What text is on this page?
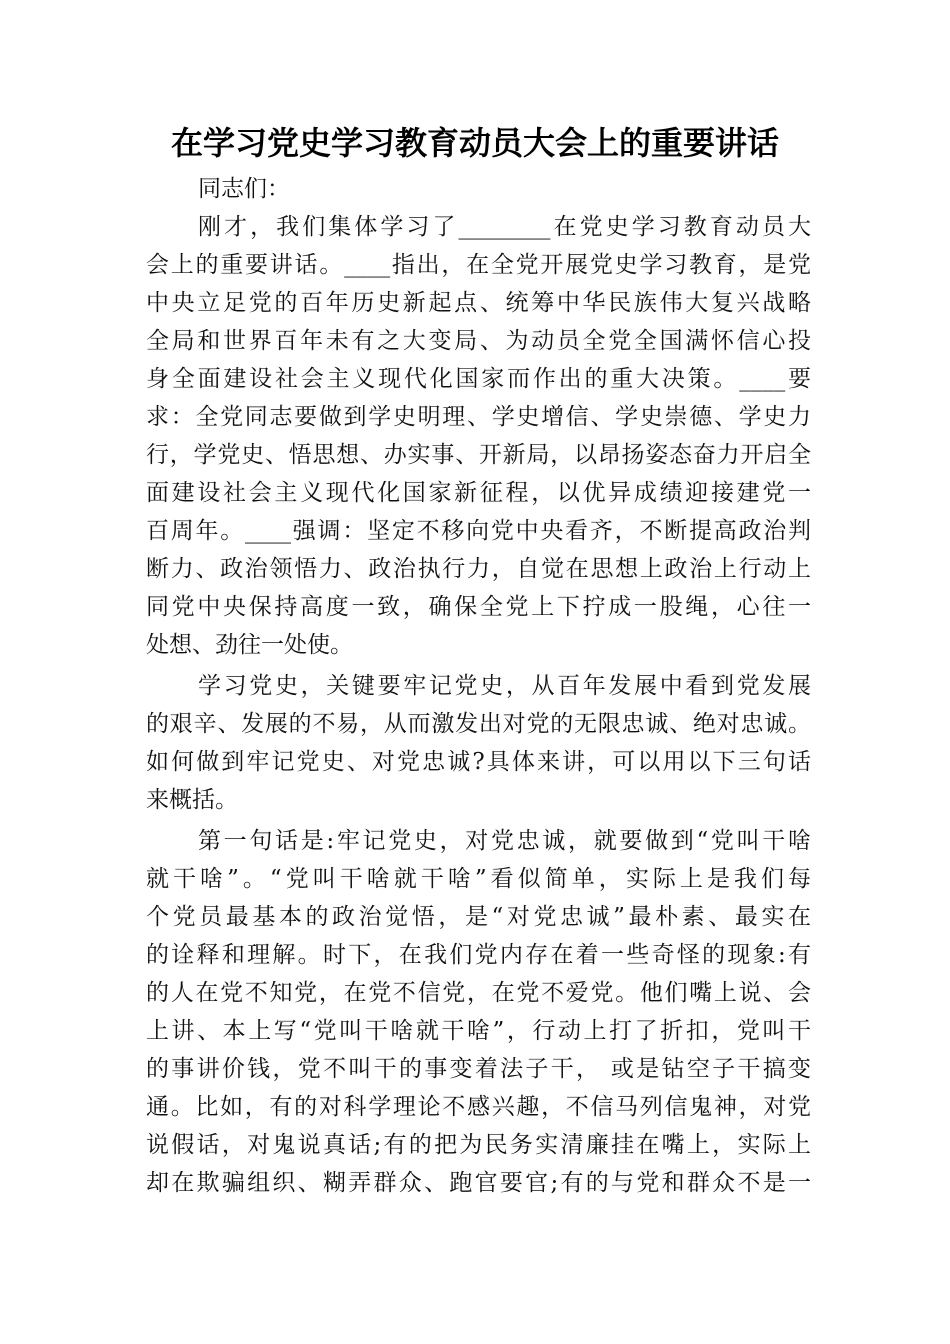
在学习党史学习教育动员大会上的重要讲话
同志们：
刚才，我们集体学习了________在党史学习教育动员大
会上的重要讲话。____指出，在全党开展党史学习教育，是党
中央立足党的百年历史新起点、统筹中华民族伟大复兴战略
全局和世界百年未有之大变局、为动员全党全国满怀信心投
身全面建设社会主义现代化国家而作出的重大决策。____要
求：全党同志要做到学史明理、学史增信、学史崇德、学史力
行，学党史、悟思想、办实事、开新局，以昂扬姿态奋力开启全
面建设社会主义现代化国家新征程，以优异成绩迎接建党一
百周年。____强调：坚定不移向党中央看齐，不断提高政治判
断力、政治领悟力、政治执行力，自觉在思想上政治上行动上
同党中央保持高度一致，确保全党上下拧成一股绳，心往一
处想、劲往一处使。
学习党史，关键要牢记党史，从百年发展中看到党发展
的艰辛、发展的不易，从而激发出对党的无限忠诚、绝对忠诚。
如何做到牢记党史、对党忠诚?具体来讲，可以用以下三句话
来概括。
第一句话是:牢记党史，对党忠诚，就要做到“党叫干啥
就干啥”。“党叫干啥就干啥”看似简单，实际上是我们每
个党员最基本的政治觉悟，是“对党忠诚”最朴素、最实在
的诠释和理解。时下，在我们党内存在着一些奇怪的现象:有
的人在党不知党，在党不信党，在党不爱党。他们嘴上说、会
上讲、本上写“党叫干啥就干啥”，行动上打了折扣，党叫干
的事讲价钱，党不叫干的事变着法子干， 或是钻空子干搞变
通。比如，有的对科学理论不感兴趣，不信马列信鬼神，对党
说假话，对鬼说真话;有的把为民务实清廉挂在嘴上，实际上
却在欺骗组织、糊弄群众、跑官要官;有的与党和群众不是一
